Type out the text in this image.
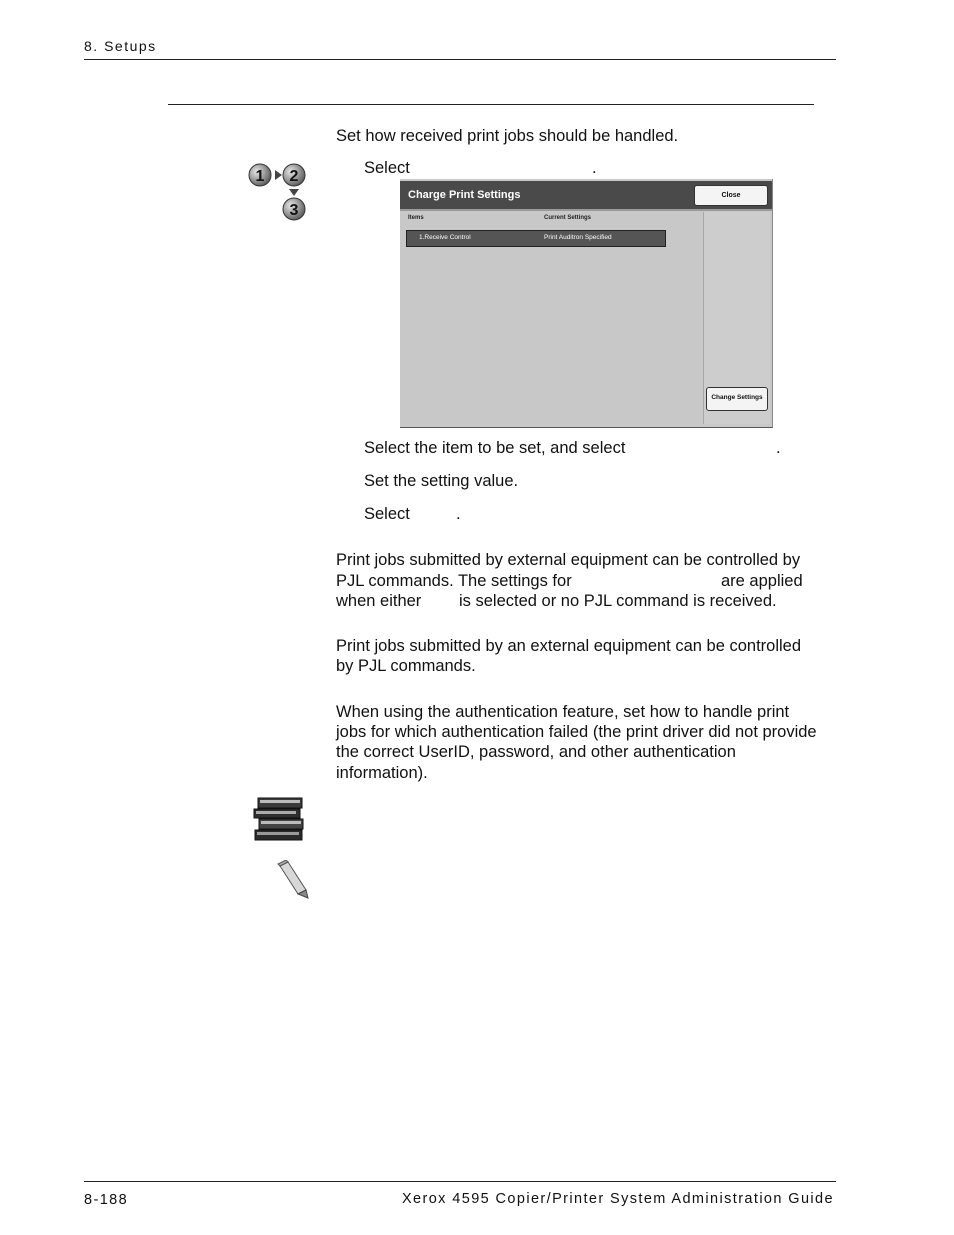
8. Setups
Set how received print jobs should be handled.
1 2
3
Select	.
Charge Print Settings	Close
Items	Current Settings
1.Receive Control	Print Auditron Specified
Change Settings
Select the item to be set, and select	.
Set the setting value.
Select	.
Print jobs submitted by external equipment can be controlled by
PJL commands. The settings for	are applied
when either is selected or no PJL command is received.
Print jobs submitted by an external equipment can be controlled
by PJL commands.
When using the authentication feature, set how to handle print
jobs for which authentication failed (the print driver did not provide
the correct UserID, password, and other authentication
information).
8-188	Xerox 4595 Copier/Printer System Administration Guide
